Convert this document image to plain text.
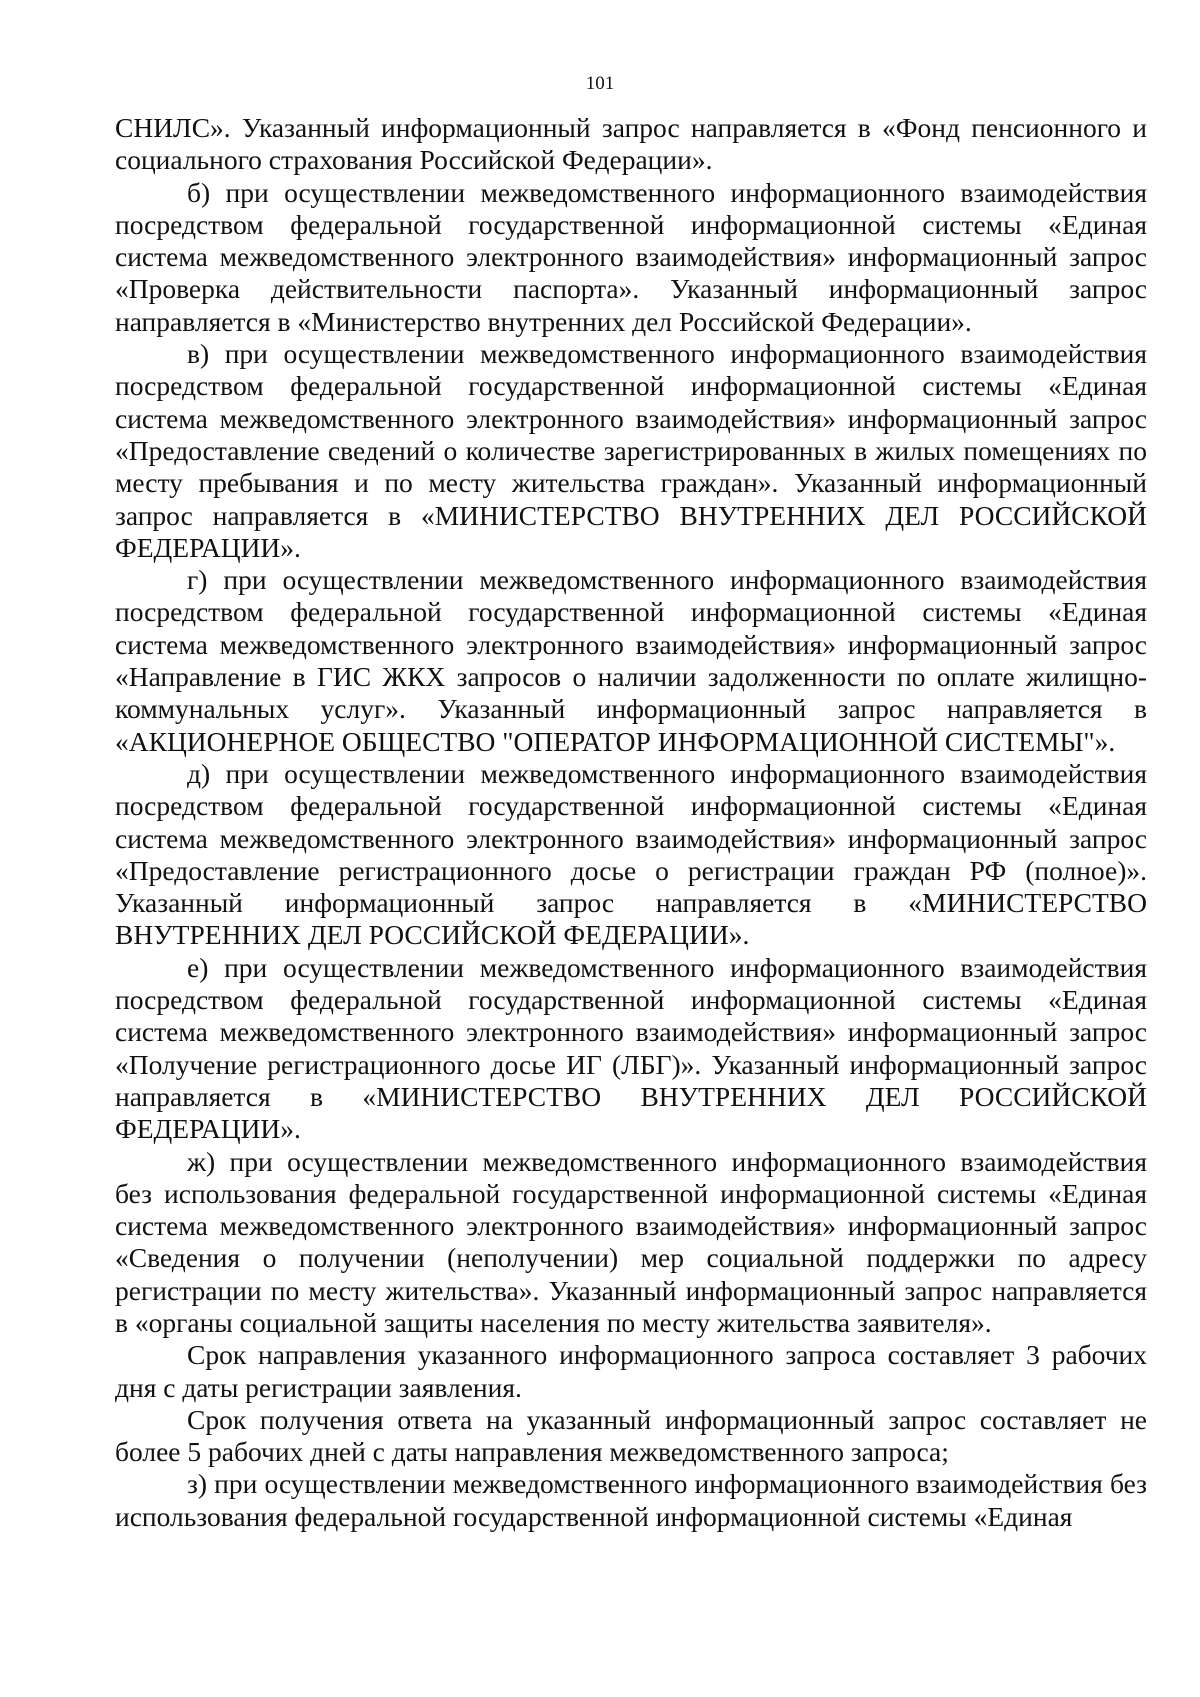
101

СНИЛС». Указанный информационный запрос направляется в «Фонд пенсионного и социального страхования Российской Федерации».

б) при осуществлении межведомственного информационного взаимодействия посредством федеральной государственной информационной системы «Единая система межведомственного электронного взаимодействия» информационный запрос «Проверка действительности паспорта». Указанный информационный запрос направляется в «Министерство внутренних дел Российской Федерации».

в) при осуществлении межведомственного информационного взаимодействия посредством федеральной государственной информационной системы «Единая система межведомственного электронного взаимодействия» информационный запрос «Предоставление сведений о количестве зарегистрированных в жилых помещениях по месту пребывания и по месту жительства граждан». Указанный информационный запрос направляется в «МИНИСТЕРСТВО ВНУТРЕННИХ ДЕЛ РОССИЙСКОЙ ФЕДЕРАЦИИ».

г) при осуществлении межведомственного информационного взаимодействия посредством федеральной государственной информационной системы «Единая система межведомственного электронного взаимодействия» информационный запрос «Направление в ГИС ЖКХ запросов о наличии задолженности по оплате жилищно-коммунальных услуг». Указанный информационный запрос направляется в «АКЦИОНЕРНОЕ ОБЩЕСТВО "ОПЕРАТОР ИНФОРМАЦИОННОЙ СИСТЕМЫ"».

д) при осуществлении межведомственного информационного взаимодействия посредством федеральной государственной информационной системы «Единая система межведомственного электронного взаимодействия» информационный запрос «Предоставление регистрационного досье о регистрации граждан РФ (полное)». Указанный информационный запрос направляется в «МИНИСТЕРСТВО ВНУТРЕННИХ ДЕЛ РОССИЙСКОЙ ФЕДЕРАЦИИ».

е) при осуществлении межведомственного информационного взаимодействия посредством федеральной государственной информационной системы «Единая система межведомственного электронного взаимодействия» информационный запрос «Получение регистрационного досье ИГ (ЛБГ)». Указанный информационный запрос направляется в «МИНИСТЕРСТВО ВНУТРЕННИХ ДЕЛ РОССИЙСКОЙ ФЕДЕРАЦИИ».

ж) при осуществлении межведомственного информационного взаимодействия без использования федеральной государственной информационной системы «Единая система межведомственного электронного взаимодействия» информационный запрос «Сведения о получении (неполучении) мер социальной поддержки по адресу регистрации по месту жительства». Указанный информационный запрос направляется в «органы социальной защиты населения по месту жительства заявителя».

Срок направления указанного информационного запроса составляет 3 рабочих дня с даты регистрации заявления.

Срок получения ответа на указанный информационный запрос составляет не более 5 рабочих дней с даты направления межведомственного запроса;

з) при осуществлении межведомственного информационного взаимодействия без использования федеральной государственной информационной системы «Единая
